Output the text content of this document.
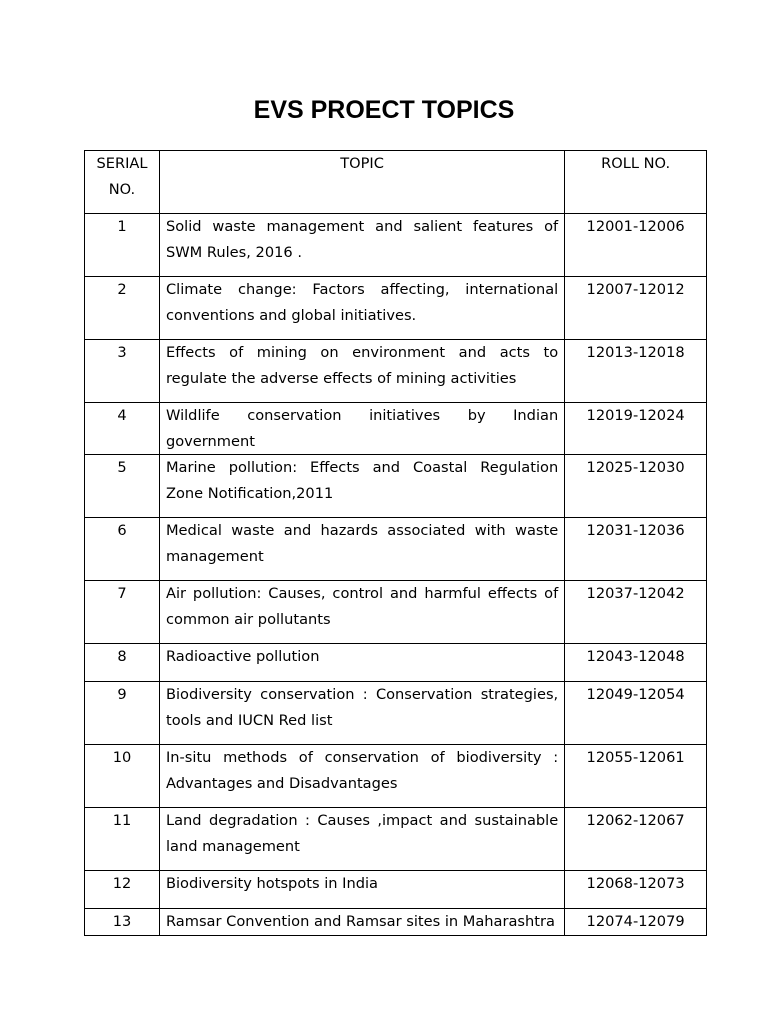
EVS PROECT TOPICS
SERIAL NO.	TOPIC	ROLL NO.
1	Solid waste management and salient features of SWM Rules, 2016 .	12001-12006
2	Climate change: Factors affecting, international conventions and global initiatives.	12007-12012
3	Effects of mining on environment and acts to regulate the adverse effects of mining activities	12013-12018
4	Wildlife conservation initiatives by Indian government	12019-12024
5	Marine pollution: Effects and Coastal Regulation Zone Notification,2011	12025-12030
6	Medical waste and hazards associated with waste management	12031-12036
7	Air pollution: Causes, control and harmful effects of common air pollutants	12037-12042
8	Radioactive pollution	12043-12048
9	Biodiversity conservation : Conservation strategies, tools and IUCN Red list	12049-12054
10	In-situ methods of conservation of biodiversity : Advantages and Disadvantages	12055-12061
11	Land degradation : Causes ,impact and sustainable land management	12062-12067
12	Biodiversity hotspots in India	12068-12073
13	Ramsar Convention and Ramsar sites in Maharashtra	12074-12079
